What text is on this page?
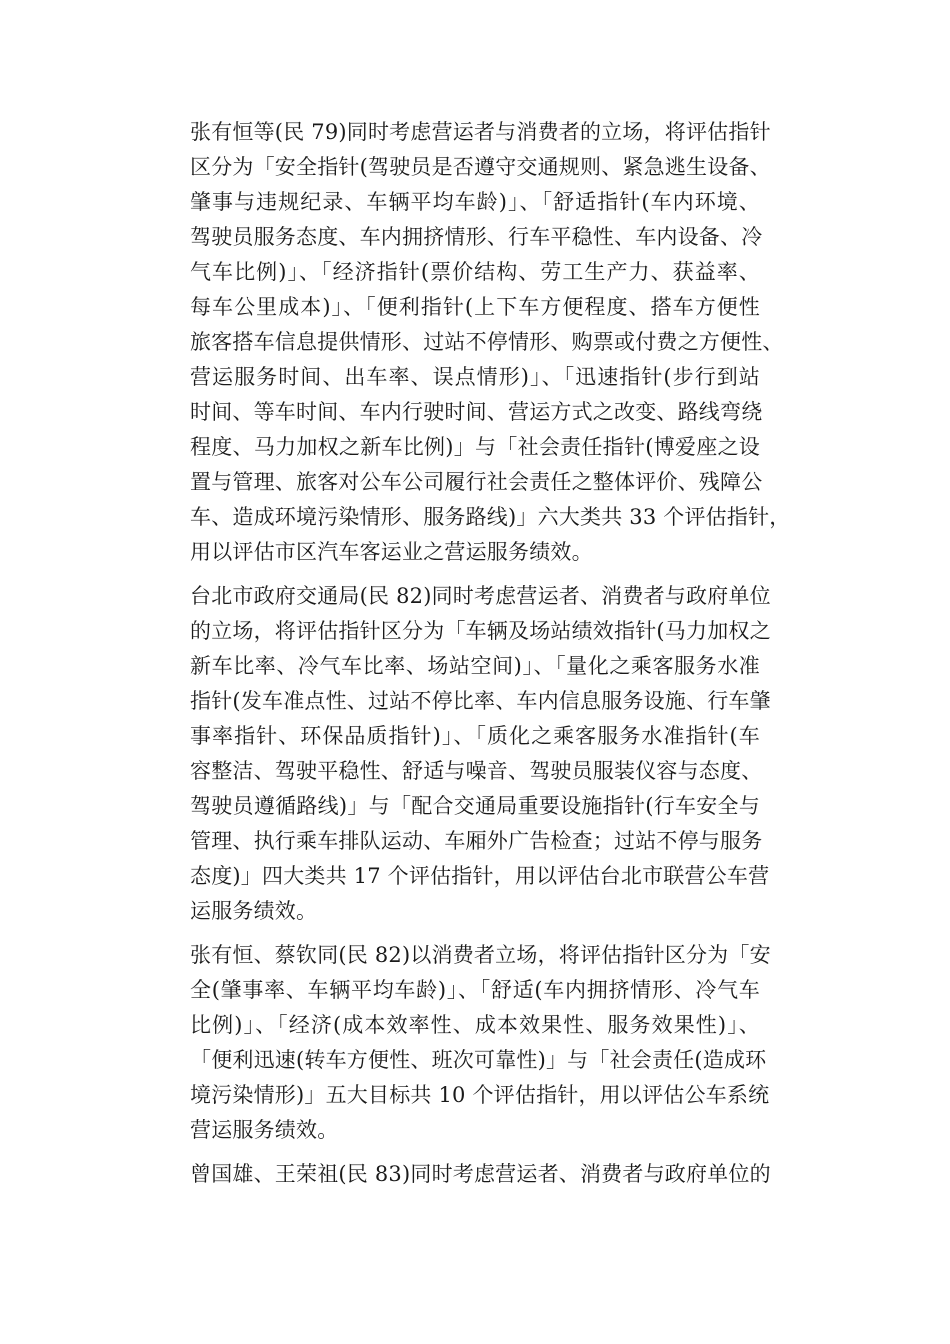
张有恒等(民 79)同时考虑营运者与消费者的立场，将评估指针
区分为「安全指针(驾驶员是否遵守交通规则、紧急逃生设备、
肇事与违规纪录、车辆平均车龄)」、「舒适指针(车内环境、
驾驶员服务态度、车内拥挤情形、行车平稳性、车内设备、冷
气车比例)」、「经济指针(票价结构、劳工生产力、获益率、
每车公里成本)」、「便利指针(上下车方便程度、搭车方便性
旅客搭车信息提供情形、过站不停情形、购票或付费之方便性、
营运服务时间、出车率、误点情形)」、「迅速指针(步行到站
时间、等车时间、车内行驶时间、营运方式之改变、路线弯绕
程度、马力加权之新车比例)」与「社会责任指针(博爱座之设
置与管理、旅客对公车公司履行社会责任之整体评价、残障公
车、造成环境污染情形、服务路线)」六大类共 33 个评估指针，
用以评估市区汽车客运业之营运服务绩效。
台北市政府交通局(民 82)同时考虑营运者、消费者与政府单位
的立场，将评估指针区分为「车辆及场站绩效指针(马力加权之
新车比率、冷气车比率、场站空间)」、「量化之乘客服务水准
指针(发车准点性、过站不停比率、车内信息服务设施、行车肇
事率指针、环保品质指针)」、「质化之乘客服务水准指针(车
容整洁、驾驶平稳性、舒适与噪音、驾驶员服装仪容与态度、
驾驶员遵循路线)」与「配合交通局重要设施指针(行车安全与
管理、执行乘车排队运动、车厢外广告检查；过站不停与服务
态度)」四大类共 17 个评估指针，用以评估台北市联营公车营
运服务绩效。
张有恒、蔡钦同(民 82)以消费者立场，将评估指针区分为「安
全(肇事率、车辆平均车龄)」、「舒适(车内拥挤情形、冷气车
比例)」、「经济(成本效率性、成本效果性、服务效果性)」、
「便利迅速(转车方便性、班次可靠性)」与「社会责任(造成环
境污染情形)」五大目标共 10 个评估指针，用以评估公车系统
营运服务绩效。
曾国雄、王荣祖(民 83)同时考虑营运者、消费者与政府单位的
